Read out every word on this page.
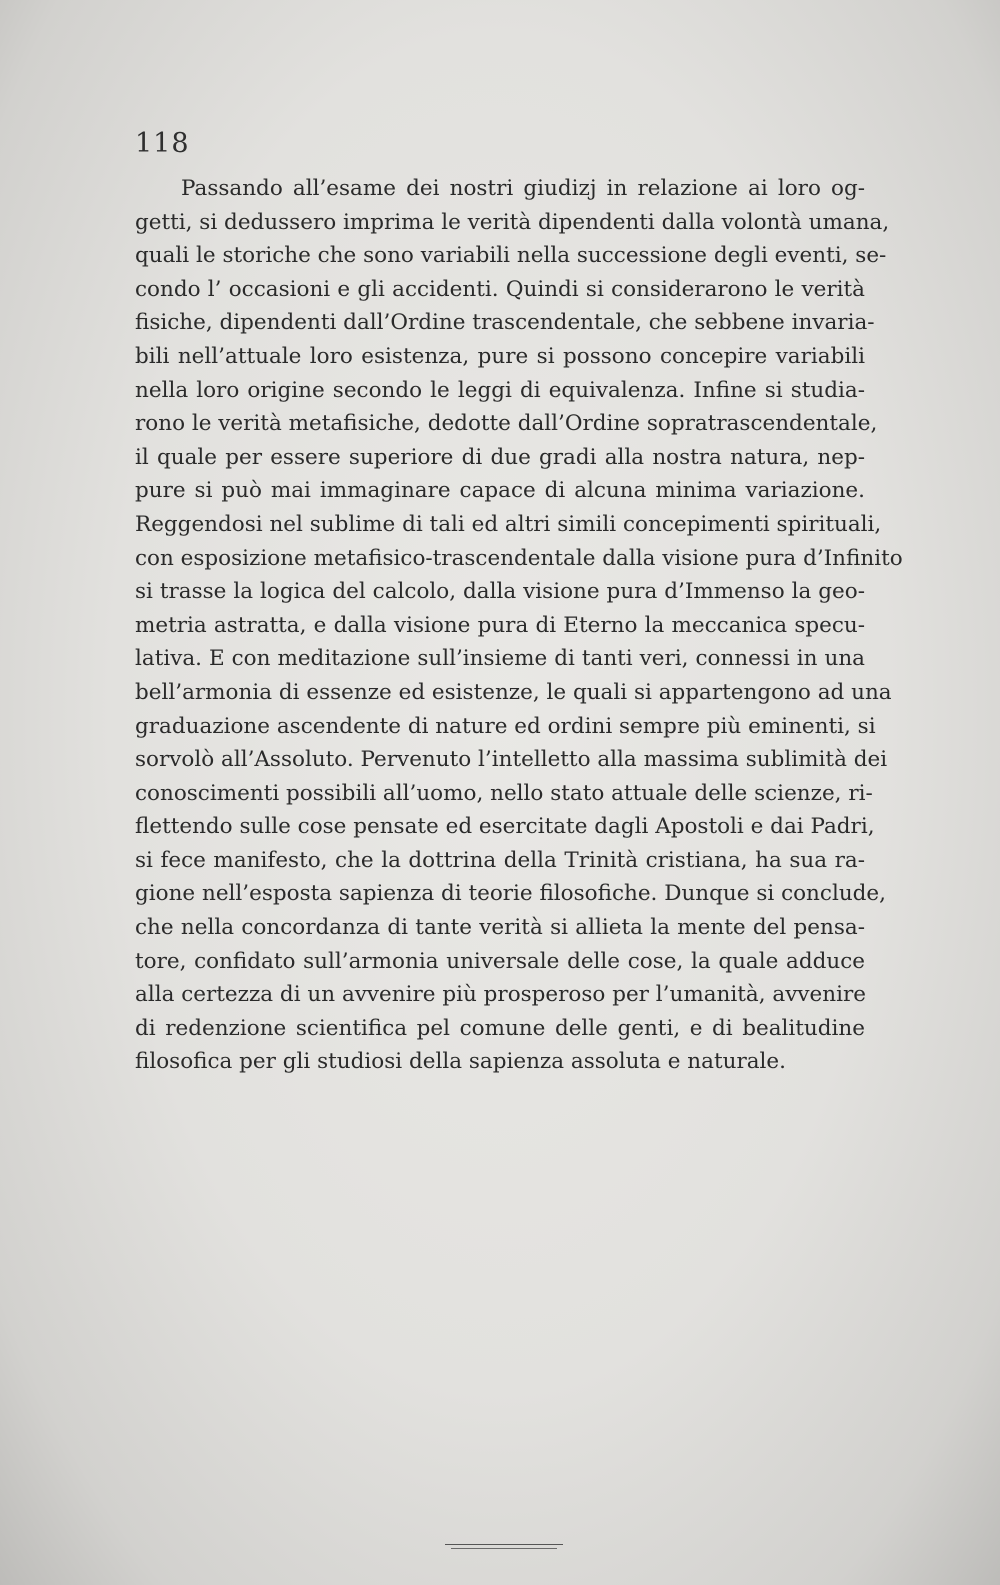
118
Passando all’esame dei nostri giudizj in relazione ai loro og-
getti, si dedussero imprima le verità dipendenti dalla volontà umana,
quali le storiche che sono variabili nella successione degli eventi, se-
condo l’ occasioni e gli accidenti. Quindi si considerarono le verità
fisiche, dipendenti dall’Ordine trascendentale, che sebbene invaria-
bili nell’attuale loro esistenza, pure si possono concepire variabili
nella loro origine secondo le leggi di equivalenza. Infine si studia-
rono le verità metafisiche, dedotte dall’Ordine sopratrascendentale,
il quale per essere superiore di due gradi alla nostra natura, nep-
pure si può mai immaginare capace di alcuna minima variazione.
Reggendosi nel sublime di tali ed altri simili concepimenti spirituali,
con esposizione metafisico-trascendentale dalla visione pura d’Infinito
si trasse la logica del calcolo, dalla visione pura d’Immenso la geo-
metria astratta, e dalla visione pura di Eterno la meccanica specu-
lativa. E con meditazione sull’insieme di tanti veri, connessi in una
bell’armonia di essenze ed esistenze, le quali si appartengono ad una
graduazione ascendente di nature ed ordini sempre più eminenti, si
sorvolò all’Assoluto. Pervenuto l’intelletto alla massima sublimità dei
conoscimenti possibili all’uomo, nello stato attuale delle scienze, ri-
flettendo sulle cose pensate ed esercitate dagli Apostoli e dai Padri,
si fece manifesto, che la dottrina della Trinità cristiana, ha sua ra-
gione nell’esposta sapienza di teorie filosofiche. Dunque si conclude,
che nella concordanza di tante verità si allieta la mente del pensa-
tore, confidato sull’armonia universale delle cose, la quale adduce
alla certezza di un avvenire più prosperoso per l’umanità, avvenire
di redenzione scientifica pel comune delle genti, e di bealitudine
filosofica per gli studiosi della sapienza assoluta e naturale.
